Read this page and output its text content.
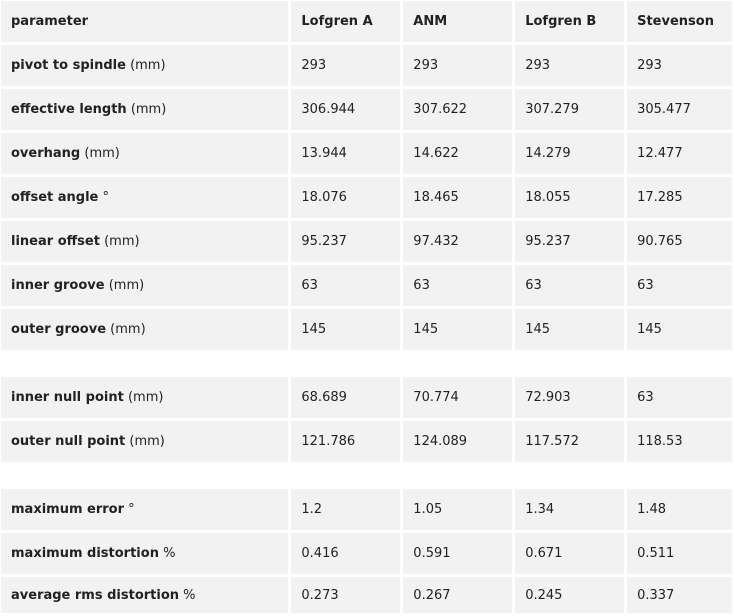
parameter	Lofgren A	ANM	Lofgren B	Stevenson
pivot to spindle (mm)	293	293	293	293
effective length (mm)	306.944	307.622	307.279	305.477
overhang (mm)	13.944	14.622	14.279	12.477
offset angle °	18.076	18.465	18.055	17.285
linear offset (mm)	95.237	97.432	95.237	90.765
inner groove (mm)	63	63	63	63
outer groove (mm)	145	145	145	145

inner null point (mm)	68.689	70.774	72.903	63
outer null point (mm)	121.786	124.089	117.572	118.53

maximum error °	1.2	1.05	1.34	1.48
maximum distortion %	0.416	0.591	0.671	0.511
average rms distortion %	0.273	0.267	0.245	0.337
